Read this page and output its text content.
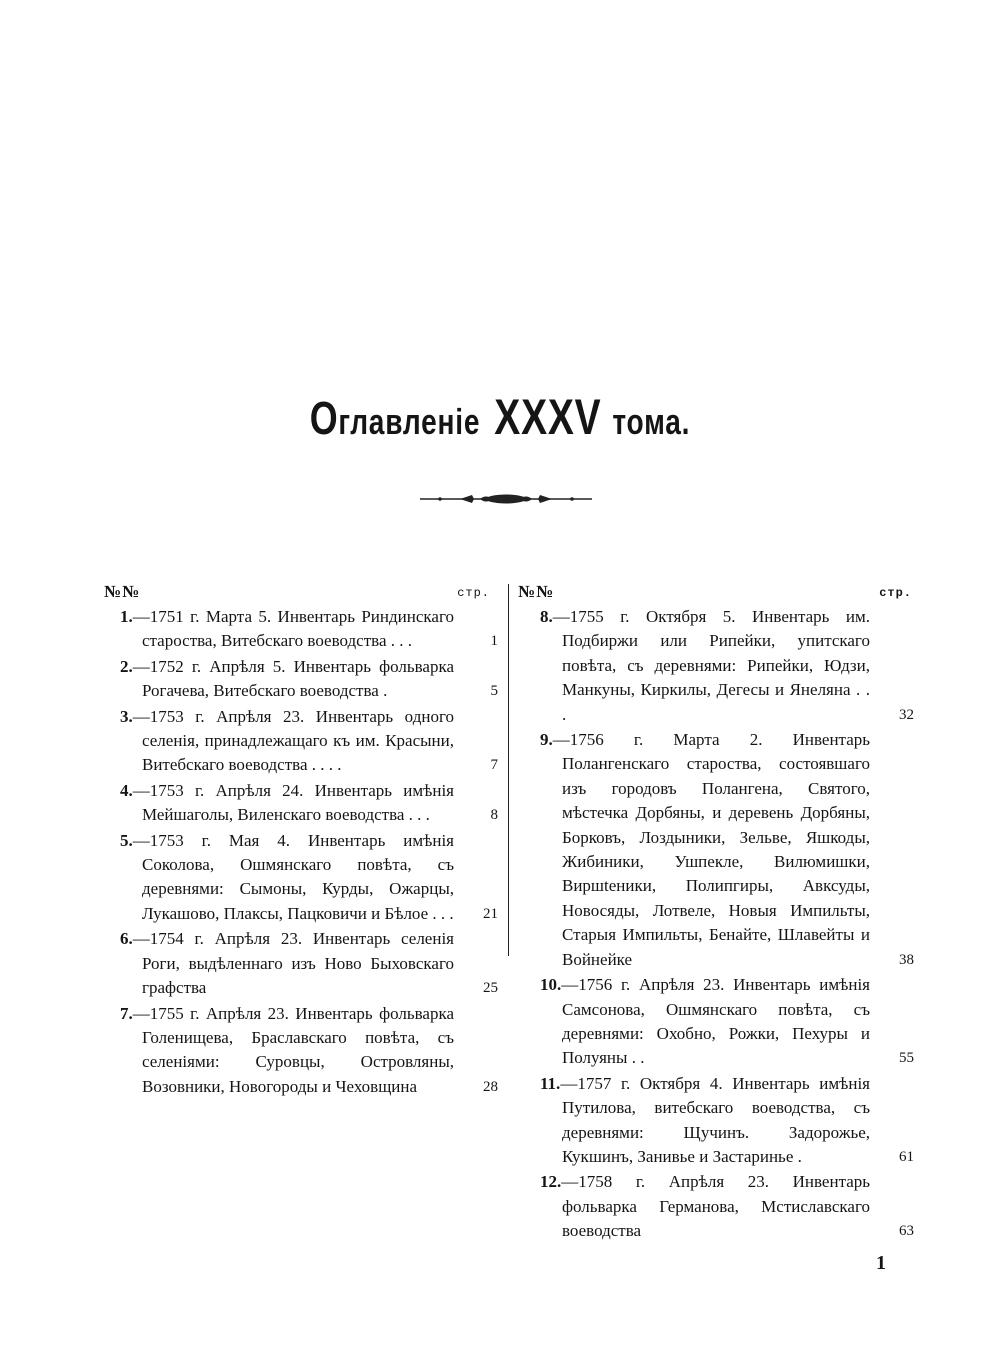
Оглавленіе XXXV тома.
№№	стр.
1.—1751 г. Марта 5. Инвентарь Риндинскаго староства, Витебскаго воеводства . . .	1
2.—1752 г. Апрѣля 5. Инвентарь фольварка Рогачева, Витебскаго воеводства .	5
3.—1753 г. Апрѣля 23. Инвентарь одного селенія, принадлежащаго къ им. Красыни, Витебскаго воеводства . . . .	7
4.—1753 г. Апрѣля 24. Инвентарь имѣнія Мейшаголы, Виленскаго воеводства . . .	8
5.—1753 г. Мая 4. Инвентарь имѣнія Соколова, Ошмянскаго повѣта, съ деревнями: Сымоны, Курды, Ожарцы, Лукашово, Плаксы, Пацковичи и Бѣлое . . .	21
6.—1754 г. Апрѣля 23. Инвентарь селенія Роги, выдѣленнаго изъ Ново Быховскаго графства	25
7.—1755 г. Апрѣля 23. Инвентарь фольварка Голенищева, Браславскаго повѣта, съ селеніями: Суровцы, Островляны, Возовники, Новогороды и Чеховщина	28
№№	стр.
8.—1755 г. Октября 5. Инвентарь им. Подбиржи или Рипейки, упитскаго повѣта, съ деревнями: Рипейки, Юдзи, Манкуны, Киркилы, Дегесы и Янеляна . . .	32
9.—1756 г. Марта 2. Инвентарь Полангенскаго староства, состоявшаго изъ городовъ Полангена, Святого, мѣстечка Дорбяны, и деревень Дорбяны, Борковъ, Лоздыники, Зельве, Яшкоды, Жибиники, Ушпекле, Вилюмишки, Виршteники, Полипгиры, Авксуды, Новосяды, Лотвеле, Новыя Импильты, Старыя Импильты, Бенайте, Шлавейты и Войнейке	38
10.—1756 г. Апрѣля 23. Инвентарь имѣнія Самсонова, Ошмянскаго повѣта, съ деревнями: Охобно, Рожки, Пехуры и Полуяны . .	55
11.—1757 г. Октября 4. Инвентарь имѣнія Путилова, витебскаго воеводства, съ деревнями: Щучинъ. Задорожье, Кукшинъ, Занивье и Застаринье .	61
12.—1758 г. Апрѣля 23. Инвентарь фольварка Германова, Мстиславскаго воеводства	63
1
